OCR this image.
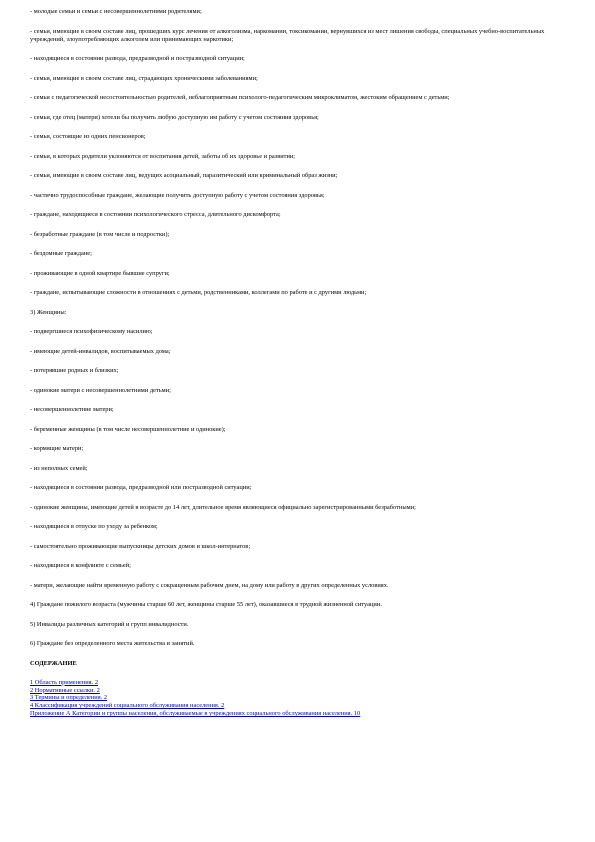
- молодые семьи и семьи с несовершеннолетними родителями;

- семьи, имеющие в своем составе лиц, прошедших курс лечения от алкоголизма, наркомании, токсикомании, вернувшихся из мест лишения свободы, специальных учебно-воспитательных учреждений, злоупотребляющих алкоголем или принимающих наркотики;

- находящиеся в состоянии развода, предразводной и постразводной ситуации;

- семьи, имеющие в своем составе лиц, страдающих хроническими заболеваниями;

- семьи с педагогической несостоятельностью родителей, неблагоприятным психолого-педагогическим микроклиматом, жестоким обращением с детьми;

- семьи, где отец (матери) хотели бы получить любую доступную им работу с учетом состояния здоровья;

- семьи, состоящие из одних пенсионеров;

- семьи, в которых родители уклоняются от воспитания детей, заботы об их здоровье и развитии;

- семьи, имеющие в своем составе лиц, ведущих асоциальный, паразитический или криминальный образ жизни;

- частично трудоспособные граждане, желающие получить доступную работу с учетом состояния здоровья;

- граждане, находящиеся в состоянии психологического стресса, длительного дискомфорта;

- безработные граждане (в том числе и подростки);

- бездомные граждане;

- проживающие в одной квартире бывшие супруги;

- граждане, испытывающие сложности в отношениях с детьми, родственниками, коллегами по работе и с другими людьми;

3) Женщины:

- подвергшиеся психофизическому насилию;

- имеющие детей-инвалидов, воспитываемых дома;

- потерявшие родных и близких;

- одинокие матери с несовершеннолетними детьми;

- несовершеннолетние матери;

- беременные женщины (в том числе несовершеннолетние и одинокие);

- кормящие матери;

- из неполных семей;

- находящиеся в состоянии развода, предразводной или постразводной ситуации;

- одинокие женщины, имеющие детей в возрасте до 14 лет, длительное время являющиеся официально зарегистрированными безработными;

- находящиеся в отпуске по уходу за ребенком;

- самостоятельно проживающие выпускницы детских домов и школ-интернатов;

- находящиеся в конфликте с семьей;

- матери, желающие найти временную работу с сокращенным рабочим днем, на дому или работу в других определенных условиях.

4) Граждане пожилого возраста (мужчины старше 60 лет, женщины старше 55 лет), оказавшиеся в трудной жизненной ситуации.

5) Инвалиды различных категорий и групп инвалидности.

6) Граждане без определенного места жительства и занятий.

СОДЕРЖАНИЕ
1 Область применения. 2
2 Нормативные ссылки. 2
3 Термины и определения. 2
4 Классификация учреждений социального обслуживания населения. 2
Приложение А Категории и группы населения, обслуживаемые в учреждениях социального обслуживания населения. 10
